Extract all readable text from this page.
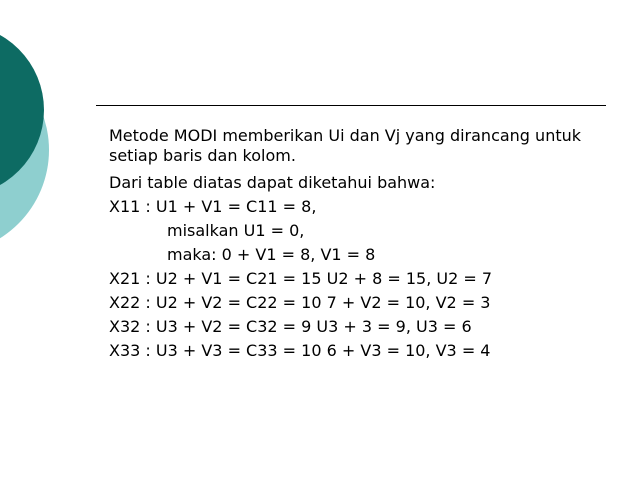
Metode MODI memberikan Ui dan Vj yang dirancang untuk setiap baris dan kolom.

Dari table diatas dapat diketahui bahwa:

X11 : U1 + V1 = C11 = 8,

misalkan U1 = 0,

maka: 0 + V1 = 8, V1 = 8

X21 : U2 + V1 = C21 = 15 U2 + 8 = 15, U2 = 7

X22 : U2 + V2 = C22 = 10 7 + V2 = 10, V2 = 3

X32 : U3 + V2 = C32 = 9 U3 + 3 = 9, U3 = 6

X33 : U3 + V3 = C33 = 10 6 + V3 = 10, V3 = 4
